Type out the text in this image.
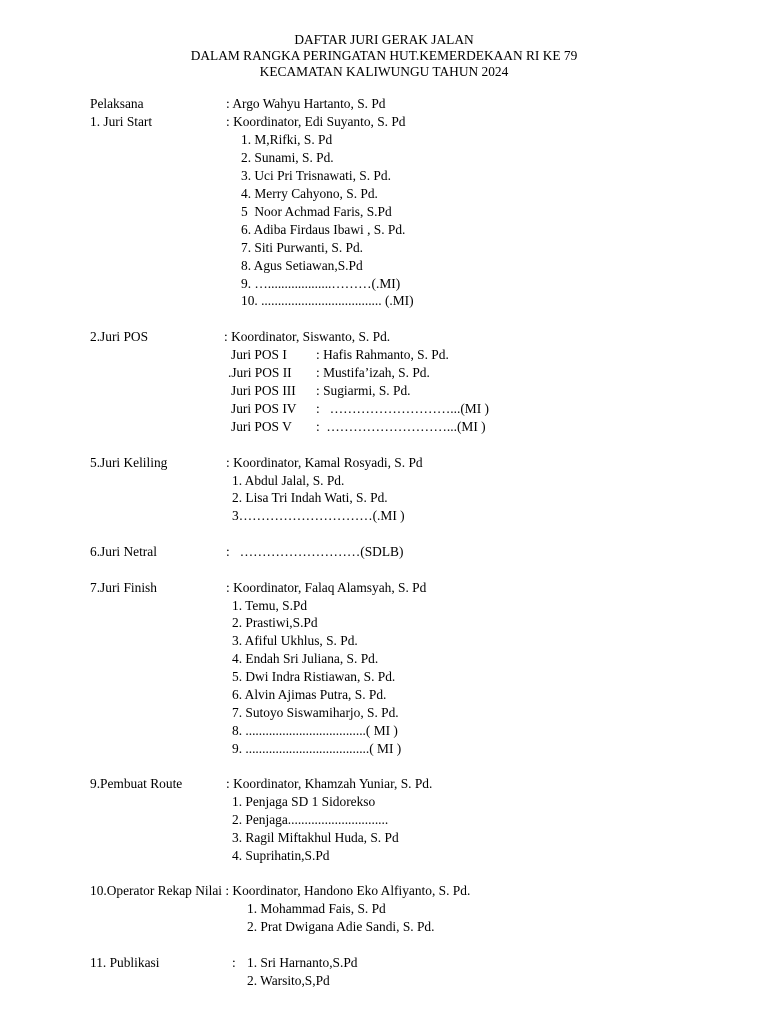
DAFTAR JURI GERAK JALAN
DALAM RANGKA PERINGATAN HUT.KEMERDEKAAN RI KE 79
KECAMATAN KALIWUNGU TAHUN 2024
Pelaksana	: Argo Wahyu Hartanto, S. Pd
1. Juri Start	: Koordinator, Edi Suyanto, S. Pd
1. M,Rifki, S. Pd
2. Sunami, S. Pd.
3. Uci Pri Trisnawati, S. Pd.
4. Merry Cahyono, S. Pd.
5  Noor Achmad Faris, S.Pd
6. Adiba Firdaus Ibawi , S. Pd.
7. Siti Purwanti, S. Pd.
8. Agus Setiawan,S.Pd
9. …...................………(.MI)
10. .................................... (.MI)
2.Juri POS	: Koordinator, Siswanto, S. Pd.
Juri POS I : Hafis Rahmanto, S. Pd.
.Juri POS II : Mustifa’izah, S. Pd.
Juri POS III : Sugiarmi, S. Pd.
Juri POS IV :   ………………………...(MI )
Juri POS V :  ………………………...(MI )
5.Juri Keliling	: Koordinator, Kamal Rosyadi, S. Pd
1. Abdul Jalal, S. Pd.
2. Lisa Tri Indah Wati, S. Pd.
3…………………………(.MI )
6.Juri Netral	:   ………………………(SDLB)
7.Juri Finish	: Koordinator, Falaq Alamsyah, S. Pd
1. Temu, S.Pd
2. Prastiwi,S.Pd
3. Afiful Ukhlus, S. Pd.
4. Endah Sri Juliana, S. Pd.
5. Dwi Indra Ristiawan, S. Pd.
6. Alvin Ajimas Putra, S. Pd.
7. Sutoyo Siswamiharjo, S. Pd.
8. ....................................( MI )
9. .....................................( MI )
9.Pembuat Route	: Koordinator, Khamzah Yuniar, S. Pd.
1. Penjaga SD 1 Sidorekso
2. Penjaga..............................
3. Ragil Miftakhul Huda, S. Pd
4. Suprihatin,S.Pd
10.Operator Rekap Nilai : Koordinator, Handono Eko Alfiyanto, S. Pd.
1. Mohammad Fais, S. Pd
2. Prat Dwigana Adie Sandi, S. Pd.
11. Publikasi	: 1. Sri Harnanto,S.Pd
2. Warsito,S,Pd
